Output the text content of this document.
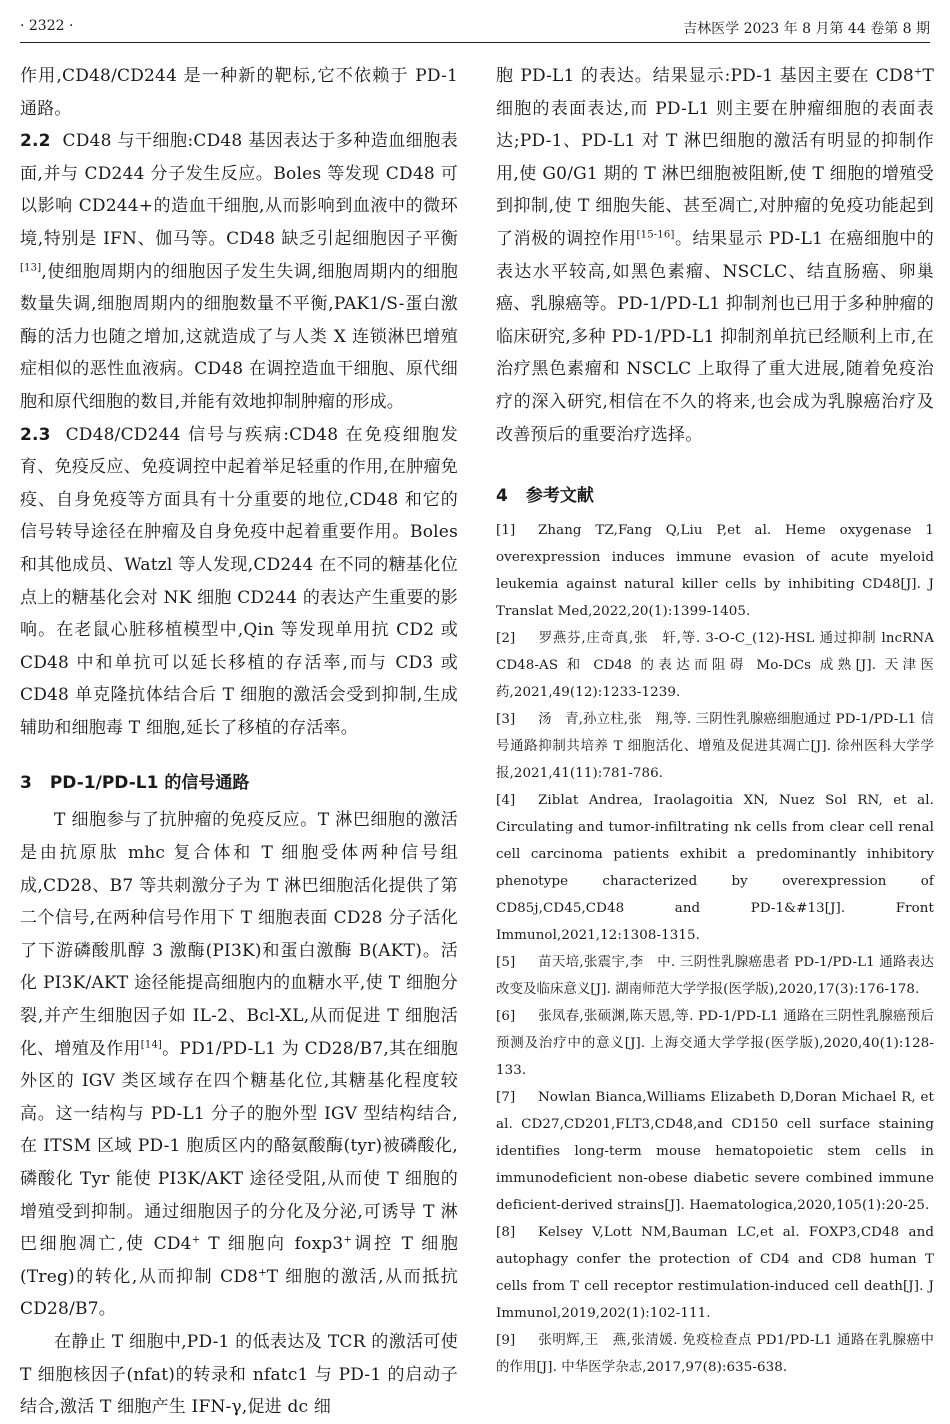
· 2322 ·	吉林医学 2023 年 8 月第 44 卷第 8 期

作用,CD48/CD244 是一种新的靶标,它不依赖于 PD-1 通路。

2.2 CD48 与干细胞:CD48 基因表达于多种造血细胞表面,并与 CD244 分子发生反应。Boles 等发现 CD48 可以影响 CD244+的造血干细胞,从而影响到血液中的微环境,特别是 IFN、伽马等。CD48 缺乏引起细胞因子平衡[13],使细胞周期内的细胞因子发生失调,细胞周期内的细胞数量失调,细胞周期内的细胞数量不平衡,PAK1/S-蛋白激酶的活力也随之增加,这就造成了与人类 X 连锁淋巴增殖症相似的恶性血液病。CD48 在调控造血干细胞、原代细胞和原代细胞的数目,并能有效地抑制肿瘤的形成。

2.3 CD48/CD244 信号与疾病:CD48 在免疫细胞发育、免疫反应、免疫调控中起着举足轻重的作用,在肿瘤免疫、自身免疫等方面具有十分重要的地位,CD48 和它的信号转导途径在肿瘤及自身免疫中起着重要作用。Boles 和其他成员、Watzl 等人发现,CD244 在不同的糖基化位点上的糖基化会对 NK 细胞 CD244 的表达产生重要的影响。在老鼠心脏移植模型中,Qin 等发现单用抗 CD2 或 CD48 中和单抗可以延长移植的存活率,而与 CD3 或 CD48 单克隆抗体结合后 T 细胞的激活会受到抑制,生成辅助和细胞毒 T 细胞,延长了移植的存活率。

3 PD-1/PD-L1 的信号通路

T 细胞参与了抗肿瘤的免疫反应。T 淋巴细胞的激活是由抗原肽 mhc 复合体和 T 细胞受体两种信号组成,CD28、B7 等共刺激分子为 T 淋巴细胞活化提供了第二个信号,在两种信号作用下 T 细胞表面 CD28 分子活化了下游磷酸肌醇 3 激酶(PI3K)和蛋白激酶 B(AKT)。活化 PI3K/AKT 途径能提高细胞内的血糖水平,使 T 细胞分裂,并产生细胞因子如 IL-2、Bcl-XL,从而促进 T 细胞活化、增殖及作用[14]。PD1/PD-L1 为 CD28/B7,其在细胞外区的 IGV 类区域存在四个糖基化位,其糖基化程度较高。这一结构与 PD-L1 分子的胞外型 IGV 型结构结合,在 ITSM 区域 PD-1 胞质区内的酪氨酸酶(tyr)被磷酸化,磷酸化 Tyr 能使 PI3K/AKT 途径受阻,从而使 T 细胞的增殖受到抑制。通过细胞因子的分化及分泌,可诱导 T 淋巴细胞凋亡,使 CD4+ T 细胞向 foxp3+调控 T 细胞(Treg)的转化,从而抑制 CD8+T 细胞的激活,从而抵抗 CD28/B7。

在静止 T 细胞中,PD-1 的低表达及 TCR 的激活可使 T 细胞核因子(nfat)的转录和 nfatc1 与 PD-1 的启动子结合,激活 T 细胞产生 IFN-γ,促进 dc 细

胞 PD-L1 的表达。结果显示:PD-1 基因主要在 CD8+T 细胞的表面表达,而 PD-L1 则主要在肿瘤细胞的表面表达;PD-1、PD-L1 对 T 淋巴细胞的激活有明显的抑制作用,使 G0/G1 期的 T 淋巴细胞被阻断,使 T 细胞的增殖受到抑制,使 T 细胞失能、甚至凋亡,对肿瘤的免疫功能起到了消极的调控作用[15-16]。结果显示 PD-L1 在癌细胞中的表达水平较高,如黑色素瘤、NSCLC、结直肠癌、卵巢癌、乳腺癌等。PD-1/PD-L1 抑制剂也已用于多种肿瘤的临床研究,多种 PD-1/PD-L1 抑制剂单抗已经顺利上市,在治疗黑色素瘤和 NSCLC 上取得了重大进展,随着免疫治疗的深入研究,相信在不久的将来,也会成为乳腺癌治疗及改善预后的重要治疗选择。

4 参考文献

[1] Zhang TZ,Fang Q,Liu P,et al. Heme oxygenase 1 overexpression induces immune evasion of acute myeloid leukemia against natural killer cells by inhibiting CD48[J]. J Translat Med,2022,20(1):1399-1405.

[2] 罗燕芬,庄奇真,张　轩,等. 3-O-C_(12)-HSL 通过抑制 lncRNA CD48-AS 和 CD48 的表达而阻碍 Mo-DCs 成熟[J]. 天津医药,2021,49(12):1233-1239.

[3] 汤　青,孙立柱,张　翔,等. 三阴性乳腺癌细胞通过 PD-1/PD-L1 信号通路抑制共培养 T 细胞活化、增殖及促进其凋亡[J]. 徐州医科大学学报,2021,41(11):781-786.

[4] Ziblat Andrea, Iraolagoitia XN, Nuez Sol RN, et al. Circulating and tumor-infiltrating nk cells from clear cell renal cell carcinoma patients exhibit a predominantly inhibitory phenotype characterized by overexpression of CD85j,CD45,CD48 and PD-1&#13[J]. Front Immunol,2021,12:1308-1315.

[5] 苗天培,张震宇,李　中. 三阴性乳腺癌患者 PD-1/PD-L1 通路表达改变及临床意义[J]. 湖南师范大学学报(医学版),2020,17(3):176-178.

[6] 张凤春,张硕渊,陈天恩,等. PD-1/PD-L1 通路在三阴性乳腺癌预后预测及治疗中的意义[J]. 上海交通大学学报(医学版),2020,40(1):128-133.

[7] Nowlan Bianca,Williams Elizabeth D,Doran Michael R, et al. CD27,CD201,FLT3,CD48,and CD150 cell surface staining identifies long-term mouse hematopoietic stem cells in immunodeficient non-obese diabetic severe combined immune deficient-derived strains[J]. Haematologica,2020,105(1):20-25.

[8] Kelsey V,Lott NM,Bauman LC,et al. FOXP3,CD48 and autophagy confer the protection of CD4 and CD8 human T cells from T cell receptor restimulation-induced cell death[J]. J Immunol,2019,202(1):102-111.

[9] 张明辉,王　燕,张清媛. 免疫检查点 PD1/PD-L1 通路在乳腺癌中的作用[J]. 中华医学杂志,2017,97(8):635-638.
